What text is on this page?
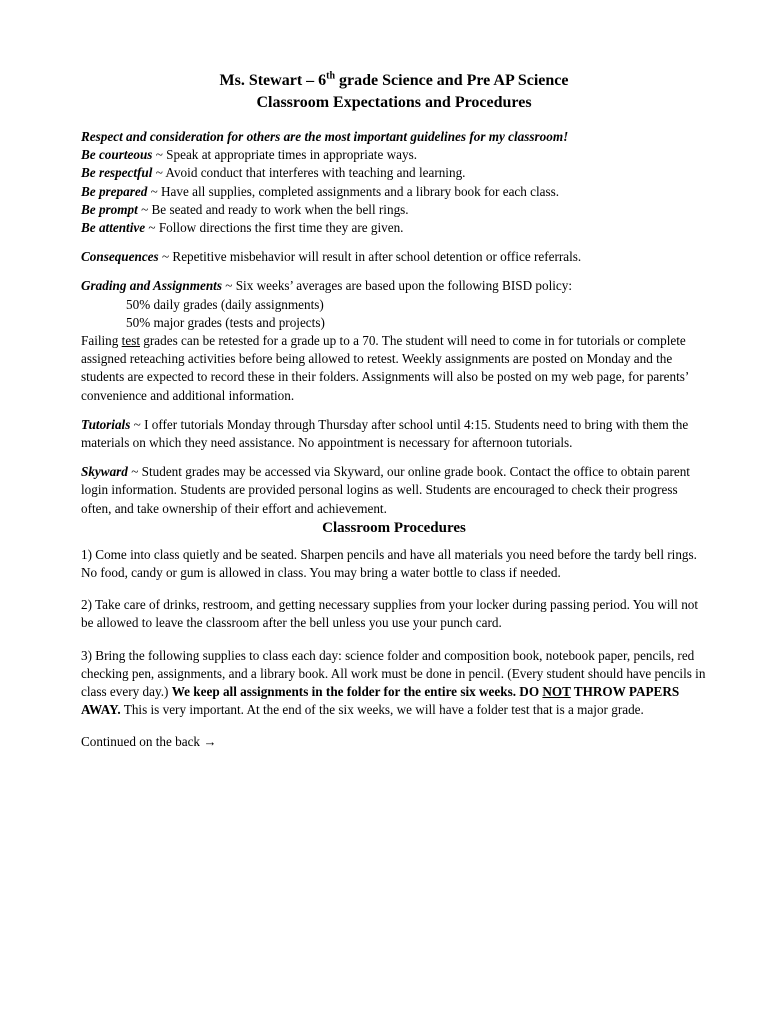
Ms. Stewart – 6th grade Science and Pre AP Science
Classroom Expectations and Procedures

Respect and consideration for others are the most important guidelines for my classroom!

Be courteous ~ Speak at appropriate times in appropriate ways.

Be respectful ~ Avoid conduct that interferes with teaching and learning.

Be prepared ~ Have all supplies, completed assignments and a library book for each class.

Be prompt ~ Be seated and ready to work when the bell rings.

Be attentive ~ Follow directions the first time they are given.

Consequences ~ Repetitive misbehavior will result in after school detention or office referrals.

Grading and Assignments ~ Six weeks’ averages are based upon the following BISD policy:

50% daily grades (daily assignments)

50% major grades (tests and projects)

Failing test grades can be retested for a grade up to a 70. The student will need to come in for tutorials or complete assigned reteaching activities before being allowed to retest. Weekly assignments are posted on Monday and the students are expected to record these in their folders. Assignments will also be posted on my web page, for parents’ convenience and additional information.

Tutorials ~ I offer tutorials Monday through Thursday after school until 4:15. Students need to bring with them the materials on which they need assistance. No appointment is necessary for afternoon tutorials.

Skyward ~ Student grades may be accessed via Skyward, our online grade book. Contact the office to obtain parent login information. Students are provided personal logins as well. Students are encouraged to check their progress often, and take ownership of their effort and achievement.

Classroom Procedures

1) Come into class quietly and be seated. Sharpen pencils and have all materials you need before the tardy bell rings. No food, candy or gum is allowed in class. You may bring a water bottle to class if needed.

2) Take care of drinks, restroom, and getting necessary supplies from your locker during passing period. You will not be allowed to leave the classroom after the bell unless you use your punch card.

3) Bring the following supplies to class each day: science folder and composition book, notebook paper, pencils, red checking pen, assignments, and a library book. All work must be done in pencil. (Every student should have pencils in class every day.) We keep all assignments in the folder for the entire six weeks. DO NOT THROW PAPERS AWAY. This is very important. At the end of the six weeks, we will have a folder test that is a major grade.

Continued on the back →
